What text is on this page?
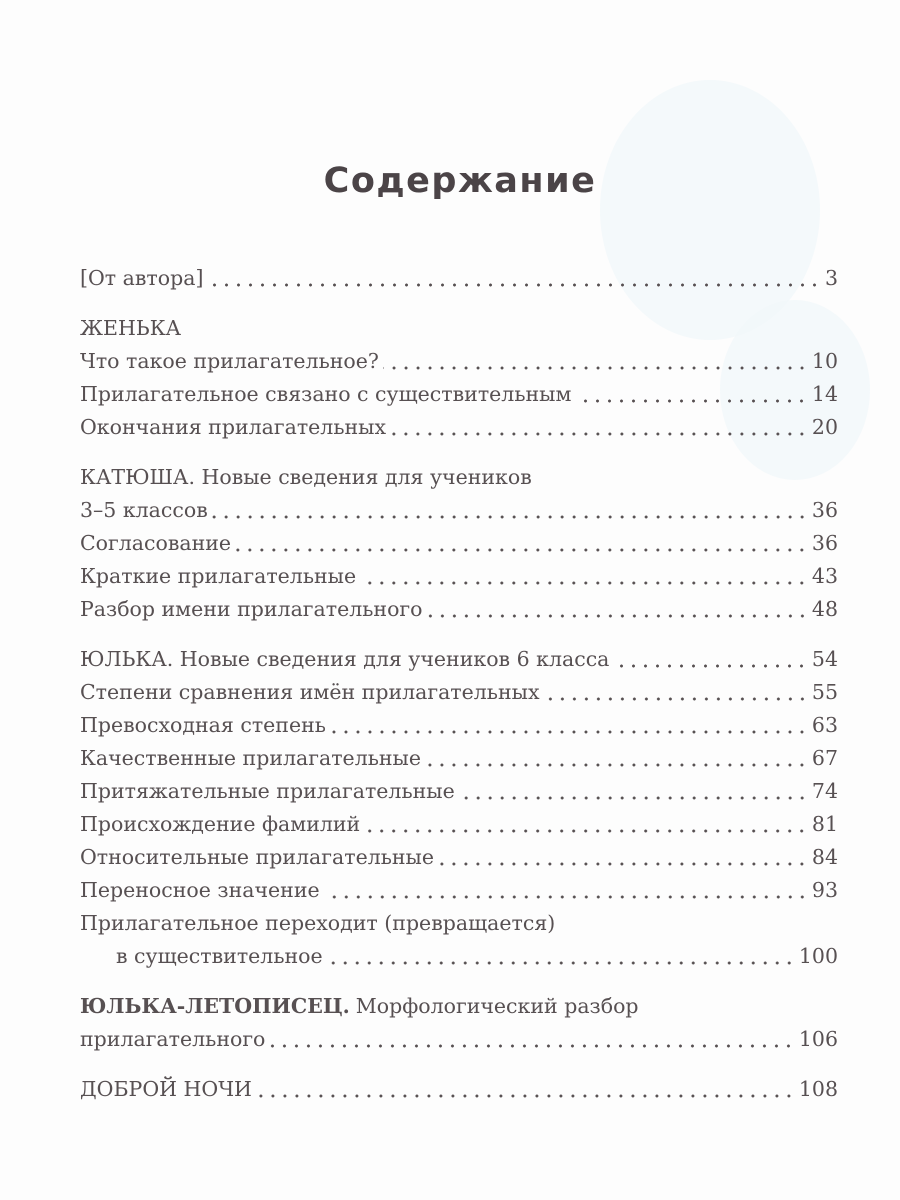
Содержание
[От автора]	3
ЖЕНЬКА
Что такое прилагательное?	10
Прилагательное связано с существительным	14
Окончания прилагательных	20
КАТЮША. Новые сведения для учеников
3–5 классов	36
Согласование	36
Краткие прилагательные	43
Разбор имени прилагательного	48
ЮЛЬКА. Новые сведения для учеников 6 класса	54
Степени сравнения имён прилагательных	55
Превосходная степень	63
Качественные прилагательные	67
Притяжательные прилагательные	74
Происхождение фамилий	81
Относительные прилагательные	84
Переносное значение	93
Прилагательное переходит (превращается)
в существительное	100
ЮЛЬКА-ЛЕТОПИСЕЦ. Морфологический разбор
прилагательного	106
ДОБРОЙ НОЧИ	108
